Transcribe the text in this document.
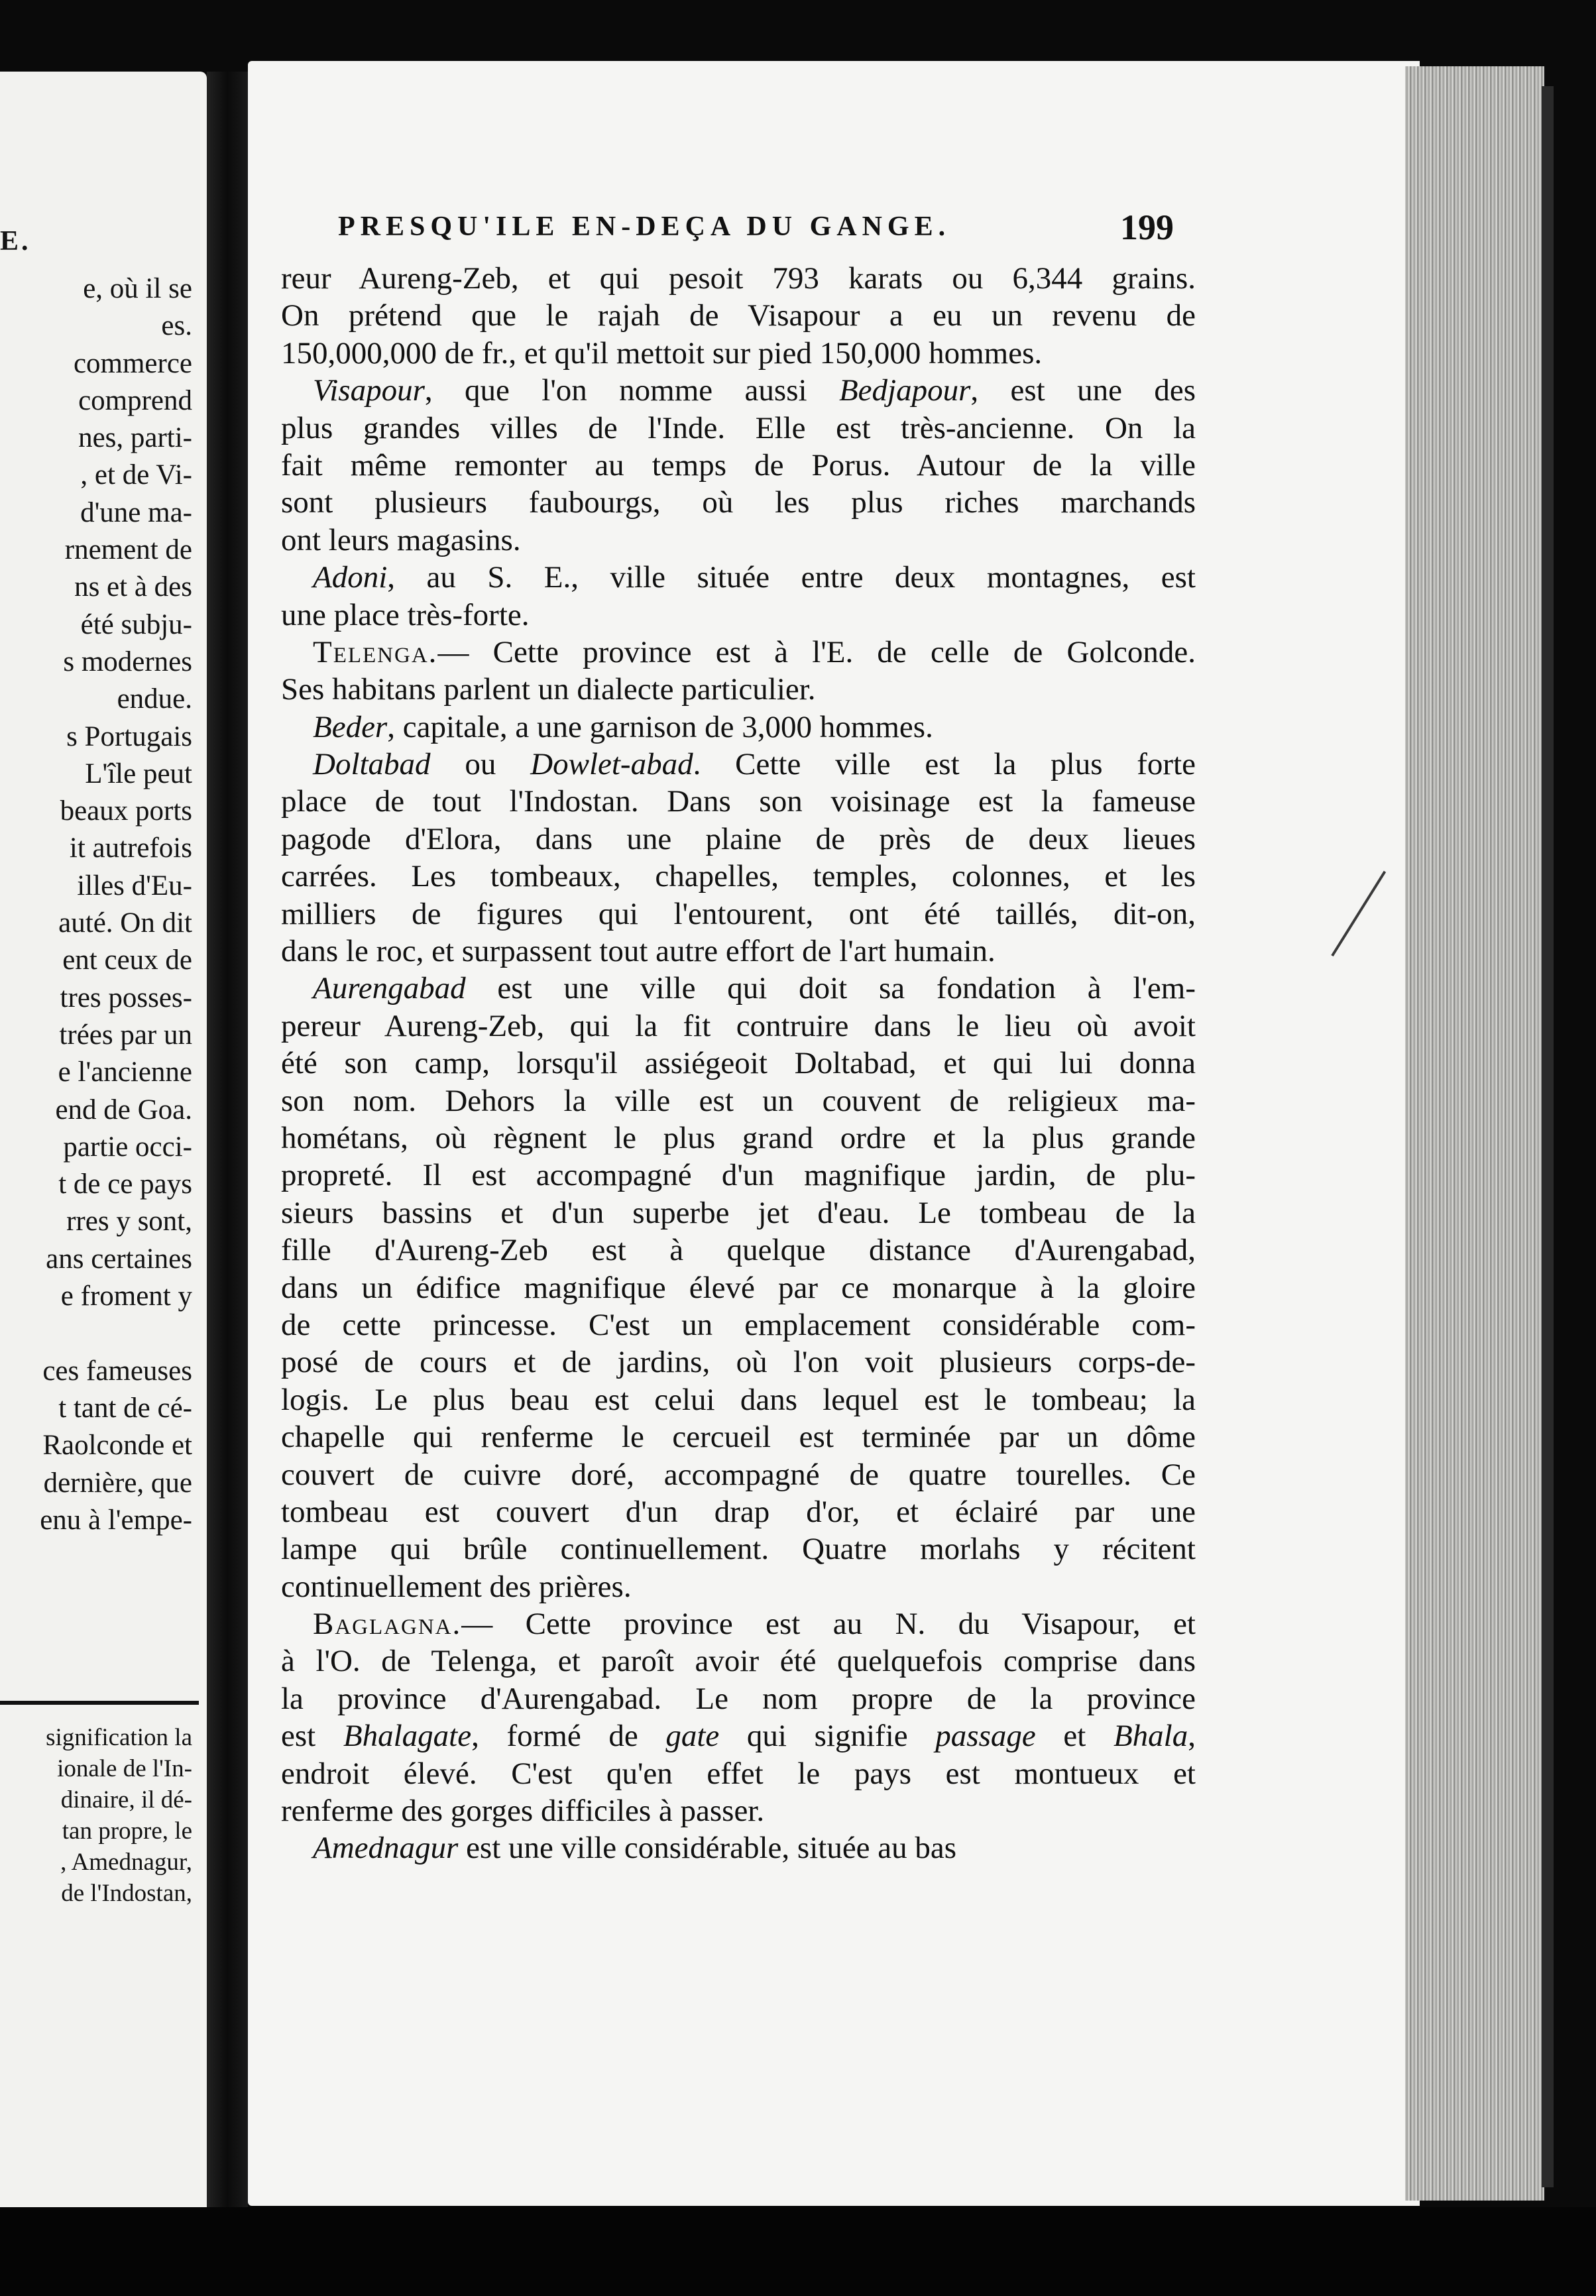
e, où il se
es.
commerce
comprend
nes, parti-
, et de Vi-
d'une ma-
rnement de
ns et à des
été subju-
s modernes
endue.
s Portugais
L'île peut
beaux ports
it autrefois
illes d'Eu-
auté. On dit
ent ceux de
tres posses-
trées par un
e l'ancienne
end de Goa.
partie occi-
t de ce pays
rres y sont,
ans certaines
e froment y
ces fameuses
t tant de cé-
Raolconde et
dernière, que
enu à l'empe-
E.
signification la
ionale de l'In-
dinaire, il dé-
tan propre, le
, Amednagur,
de l'Indostan,
PRESQU'ILE EN-DEÇA DU GANGE.	199
reur Aureng-Zeb, et qui pesoit 793 karats ou 6,344 grains.
On prétend que le rajah de Visapour a eu un revenu de
150,000,000 de fr., et qu'il mettoit sur pied 150,000 hommes.
Visapour, que l'on nomme aussi Bedjapour, est une des
plus grandes villes de l'Inde. Elle est très-ancienne. On la
fait même remonter au temps de Porus. Autour de la ville
sont plusieurs faubourgs, où les plus riches marchands
ont leurs magasins.
Adoni, au S. E., ville située entre deux montagnes, est
une place très-forte.
Telenga.— Cette province est à l'E. de celle de Golconde.
Ses habitans parlent un dialecte particulier.
Beder, capitale, a une garnison de 3,000 hommes.
Doltabad ou Dowlet-abad. Cette ville est la plus forte
place de tout l'Indostan. Dans son voisinage est la fameuse
pagode d'Elora, dans une plaine de près de deux lieues
carrées. Les tombeaux, chapelles, temples, colonnes, et les
milliers de figures qui l'entourent, ont été taillés, dit-on,
dans le roc, et surpassent tout autre effort de l'art humain.
Aurengabad est une ville qui doit sa fondation à l'em-
pereur Aureng-Zeb, qui la fit contruire dans le lieu où avoit
été son camp, lorsqu'il assiégeoit Doltabad, et qui lui donna
son nom. Dehors la ville est un couvent de religieux ma-
hométans, où règnent le plus grand ordre et la plus grande
propreté. Il est accompagné d'un magnifique jardin, de plu-
sieurs bassins et d'un superbe jet d'eau. Le tombeau de la
fille d'Aureng-Zeb est à quelque distance d'Aurengabad,
dans un édifice magnifique élevé par ce monarque à la gloire
de cette princesse. C'est un emplacement considérable com-
posé de cours et de jardins, où l'on voit plusieurs corps-de-
logis. Le plus beau est celui dans lequel est le tombeau; la
chapelle qui renferme le cercueil est terminée par un dôme
couvert de cuivre doré, accompagné de quatre tourelles. Ce
tombeau est couvert d'un drap d'or, et éclairé par une
lampe qui brûle continuellement. Quatre morlahs y récitent
continuellement des prières.
Baglagna.— Cette province est au N. du Visapour, et
à l'O. de Telenga, et paroît avoir été quelquefois comprise dans
la province d'Aurengabad. Le nom propre de la province
est Bhalagate, formé de gate qui signifie passage et Bhala,
endroit élevé. C'est qu'en effet le pays est montueux et
renferme des gorges difficiles à passer.
Amednagur est une ville considérable, située au bas
